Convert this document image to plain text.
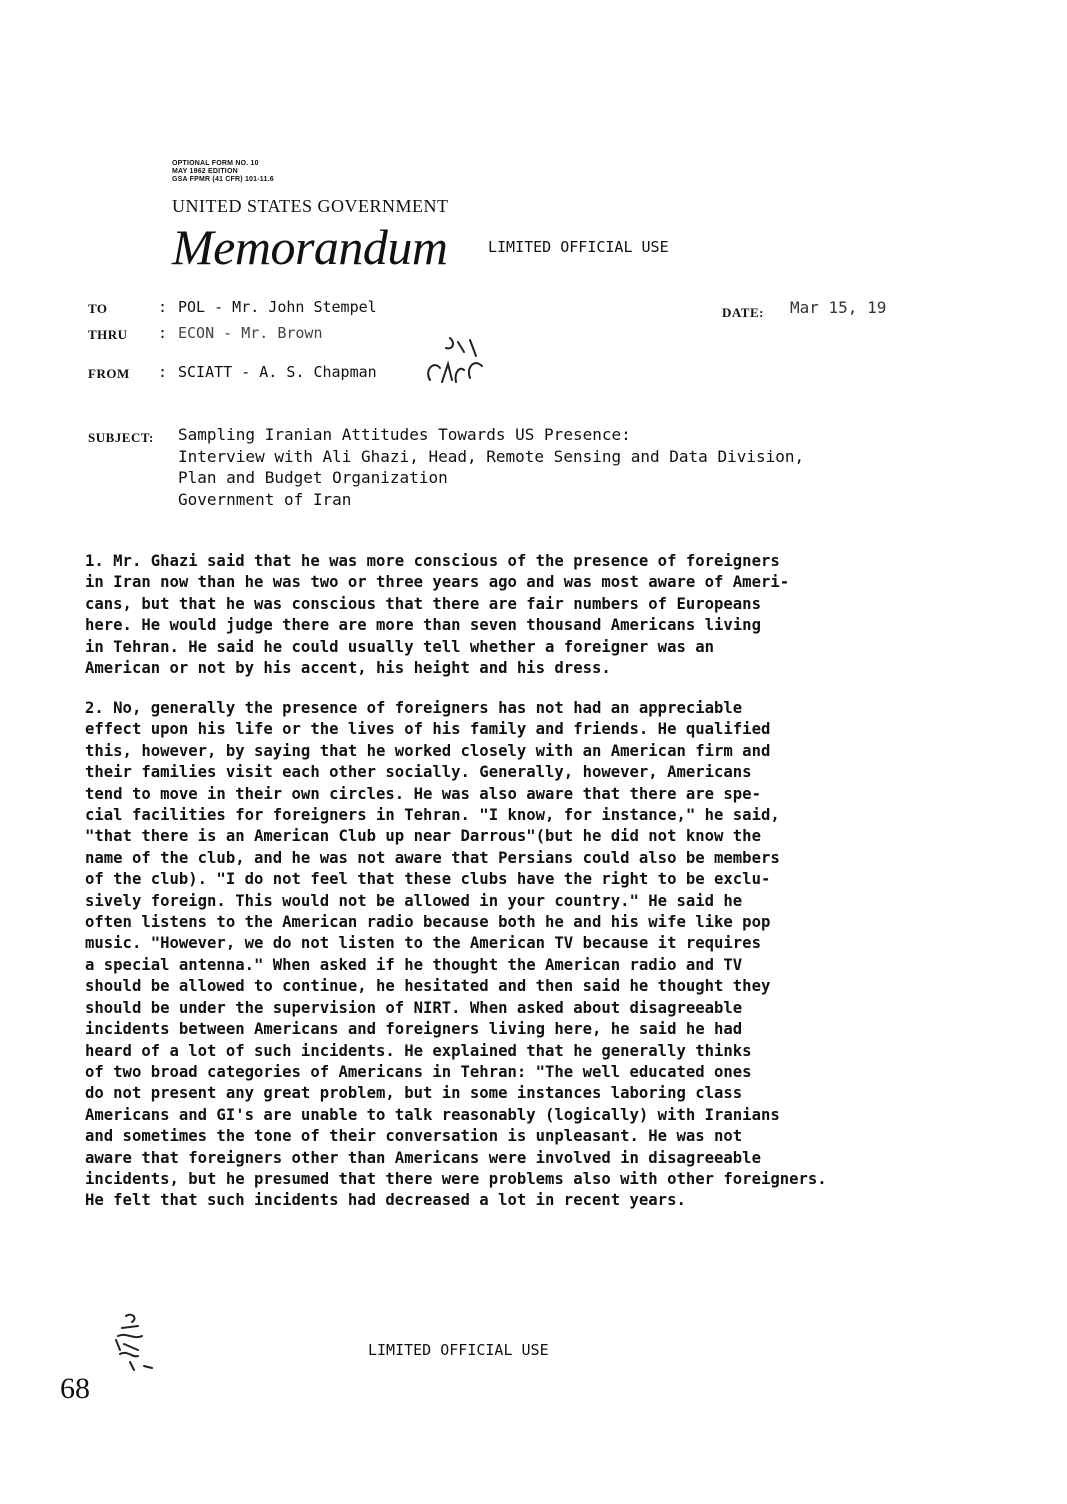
OPTIONAL FORM NO. 10
MAY 1962 EDITION
GSA FPMR (41 CFR) 101-11.6
UNITED STATES GOVERNMENT
Memorandum	LIMITED OFFICIAL USE
TO	: POL - Mr. John Stempel
THRU : ECON - Mr. Brown
FROM : SCIATT - A. S. Chapman
DATE: Mar 15, 19
SUBJECT: Sampling Iranian Attitudes Towards US Presence:
Interview with Ali Ghazi, Head, Remote Sensing and Data Division,
Plan and Budget Organization
Government of Iran
1. Mr. Ghazi said that he was more conscious of the presence of foreigners
in Iran now than he was two or three years ago and was most aware of Ameri-
cans, but that he was conscious that there are fair numbers of Europeans
here. He would judge there are more than seven thousand Americans living
in Tehran. He said he could usually tell whether a foreigner was an
American or not by his accent, his height and his dress.
2. No, generally the presence of foreigners has not had an appreciable
effect upon his life or the lives of his family and friends. He qualified
this, however, by saying that he worked closely with an American firm and
their families visit each other socially. Generally, however, Americans
tend to move in their own circles. He was also aware that there are spe-
cial facilities for foreigners in Tehran. "I know, for instance," he said,
"that there is an American Club up near Darrous"(but he did not know the
name of the club, and he was not aware that Persians could also be members
of the club). "I do not feel that these clubs have the right to be exclu-
sively foreign. This would not be allowed in your country." He said he
often listens to the American radio because both he and his wife like pop
music. "However, we do not listen to the American TV because it requires
a special antenna." When asked if he thought the American radio and TV
should be allowed to continue, he hesitated and then said he thought they
should be under the supervision of NIRT. When asked about disagreeable
incidents between Americans and foreigners living here, he said he had
heard of a lot of such incidents. He explained that he generally thinks
of two broad categories of Americans in Tehran: "The well educated ones
do not present any great problem, but in some instances laboring class
Americans and GI's are unable to talk reasonably (logically) with Iranians
and sometimes the tone of their conversation is unpleasant. He was not
aware that foreigners other than Americans were involved in disagreeable
incidents, but he presumed that there were problems also with other foreigners.
He felt that such incidents had decreased a lot in recent years.
LIMITED OFFICIAL USE
68
